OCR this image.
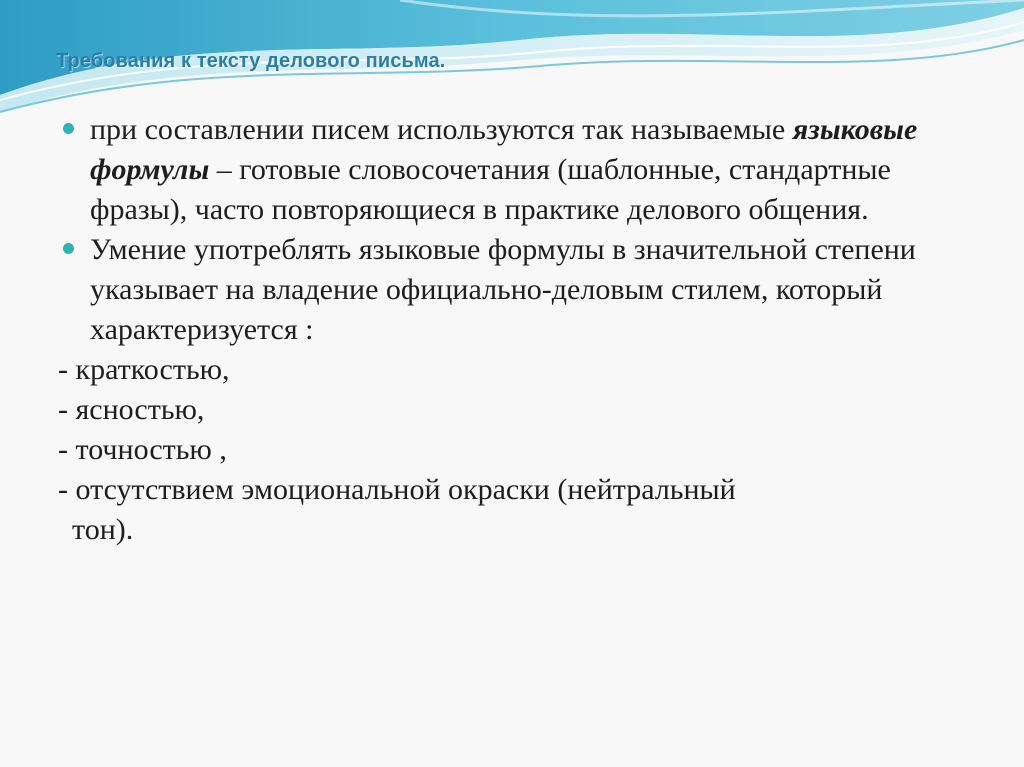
Требования к тексту делового письма.

при составлении писем используются так называемые языковые формулы – готовые словосочетания (шаблонные, стандартные фразы), часто повторяющиеся в практике делового общения.

Умение употреблять языковые формулы в значительной степени указывает на владение официально-деловым стилем, который характеризуется :

- краткостью,

- ясностью,

- точностью ,

- отсутствием эмоциональной окраски (нейтральный
тон).
